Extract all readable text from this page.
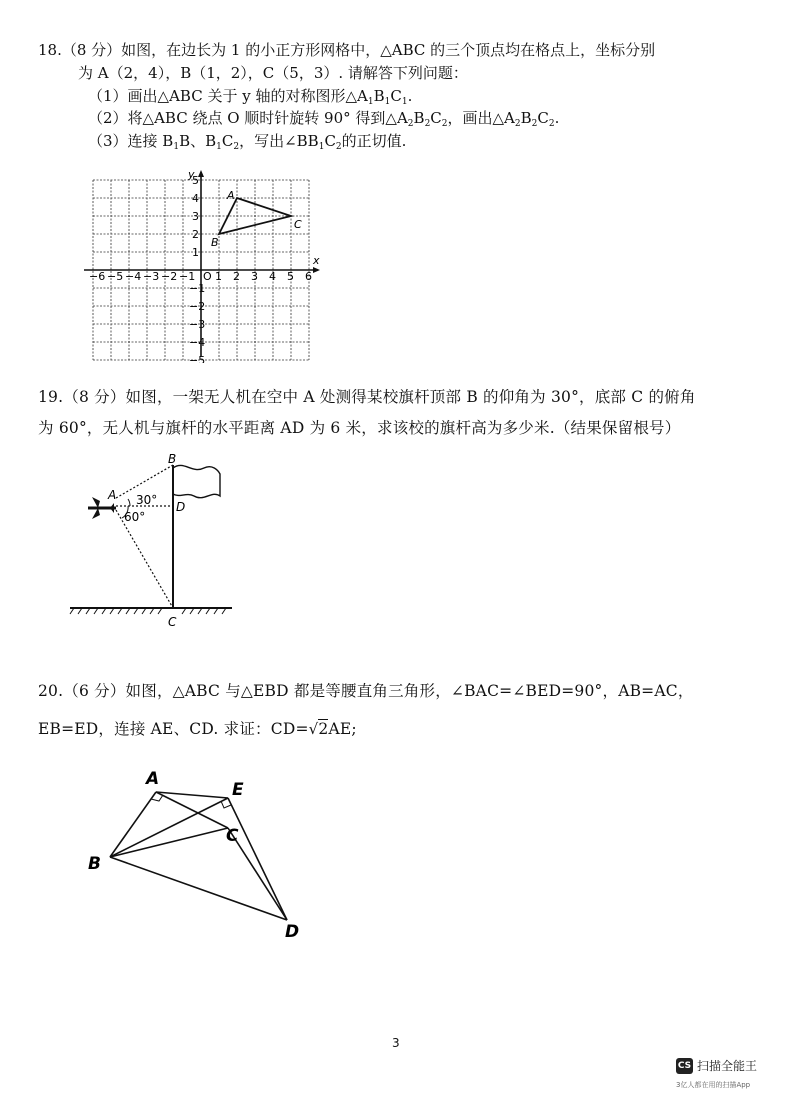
18.（8 分）如图，在边长为 1 的小正方形网格中，△ABC 的三个顶点均在格点上，坐标分别
为 A（2，4），B（1，2），C（5，3）. 请解答下列问题：
（1）画出△ABC 关于 y 轴的对称图形$\triangle A_1B_1C_1$.
（2）将△ABC 绕点 O 顺时针旋转 90° 得到$\triangle A_2B_2C_2$，画出$\triangle A_2B_2C_2$.
（3）连接 $B_1B$、$B_1C_2$，写出$\angle BB_1C_2$的正切值.
−6 −5 −4 −3 −2 −1 O 1 2 3 4 5 6
1
2
3
4
5
−1
−2
−3
−4
−5
x
y
A
B
C
19.（8 分）如图，一架无人机在空中 A 处测得某校旗杆顶部 B 的仰角为 30°，底部 C 的俯角
为 60°，无人机与旗杆的水平距离 AD 为 6 米，求该校的旗杆高为多少米.（结果保留根号）
A
B
C
D
30°
60°
20.（6 分）如图，△ABC 与△EBD 都是等腰直角三角形，∠BAC=∠BED=90°，AB=AC，
EB=ED，连接 AE、CD. 求证：CD=√2AE;
A
E
C
B
D
3
CS 扫描全能王
3亿人都在用的扫描App
